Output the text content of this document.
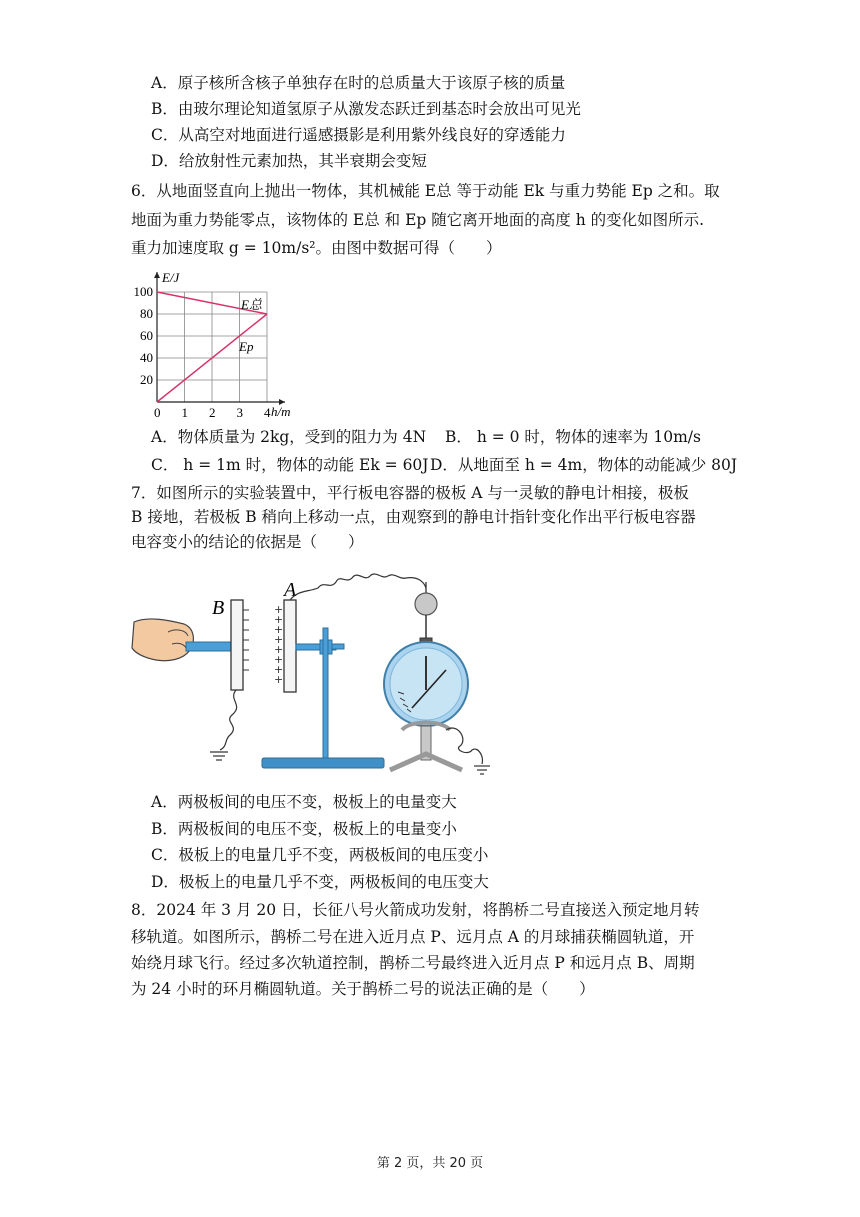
A．原子核所含核子单独存在时的总质量大于该原子核的质量
B．由玻尔理论知道氢原子从激发态跃迁到基态时会放出可见光
C．从高空对地面进行遥感摄影是利用紫外线良好的穿透能力
D．给放射性元素加热，其半衰期会变短
6．从地面竖直向上抛出一物体，其机械能 E总 等于动能 Ek 与重力势能 Ep 之和。取
地面为重力势能零点，该物体的 E总 和 Ep 随它离开地面的高度 h 的变化如图所示.
重力加速度取 g = 10m/s²。由图中数据可得（　　）
E/J
h/m
0 1 2 3 4
20
40
60
80
100
E总
Ep
A．物体质量为 2kg，受到的阻力为 4N B． h = 0 时，物体的速率为 10m/s
C． h = 1m 时，物体的动能 Ek = 60J D．从地面至 h = 4m，物体的动能减少 80J
7．如图所示的实验装置中，平行板电容器的极板 A 与一灵敏的静电计相接，极板
B 接地，若极板 B 稍向上移动一点，由观察到的静电计指针变化作出平行板电容器
电容变小的结论的依据是（　　）
B	+
+
+
+
+
+
+
+
A
A．两极板间的电压不变，极板上的电量变大
B．两极板间的电压不变，极板上的电量变小
C．极板上的电量几乎不变，两极板间的电压变小
D．极板上的电量几乎不变，两极板间的电压变大
8．2024 年 3 月 20 日，长征八号火箭成功发射，将鹊桥二号直接送入预定地月转
移轨道。如图所示，鹊桥二号在进入近月点 P、远月点 A 的月球捕获椭圆轨道，开
始绕月球飞行。经过多次轨道控制，鹊桥二号最终进入近月点 P 和远月点 B、周期
为 24 小时的环月椭圆轨道。关于鹊桥二号的说法正确的是（　　）
第 2 页，共 20 页
